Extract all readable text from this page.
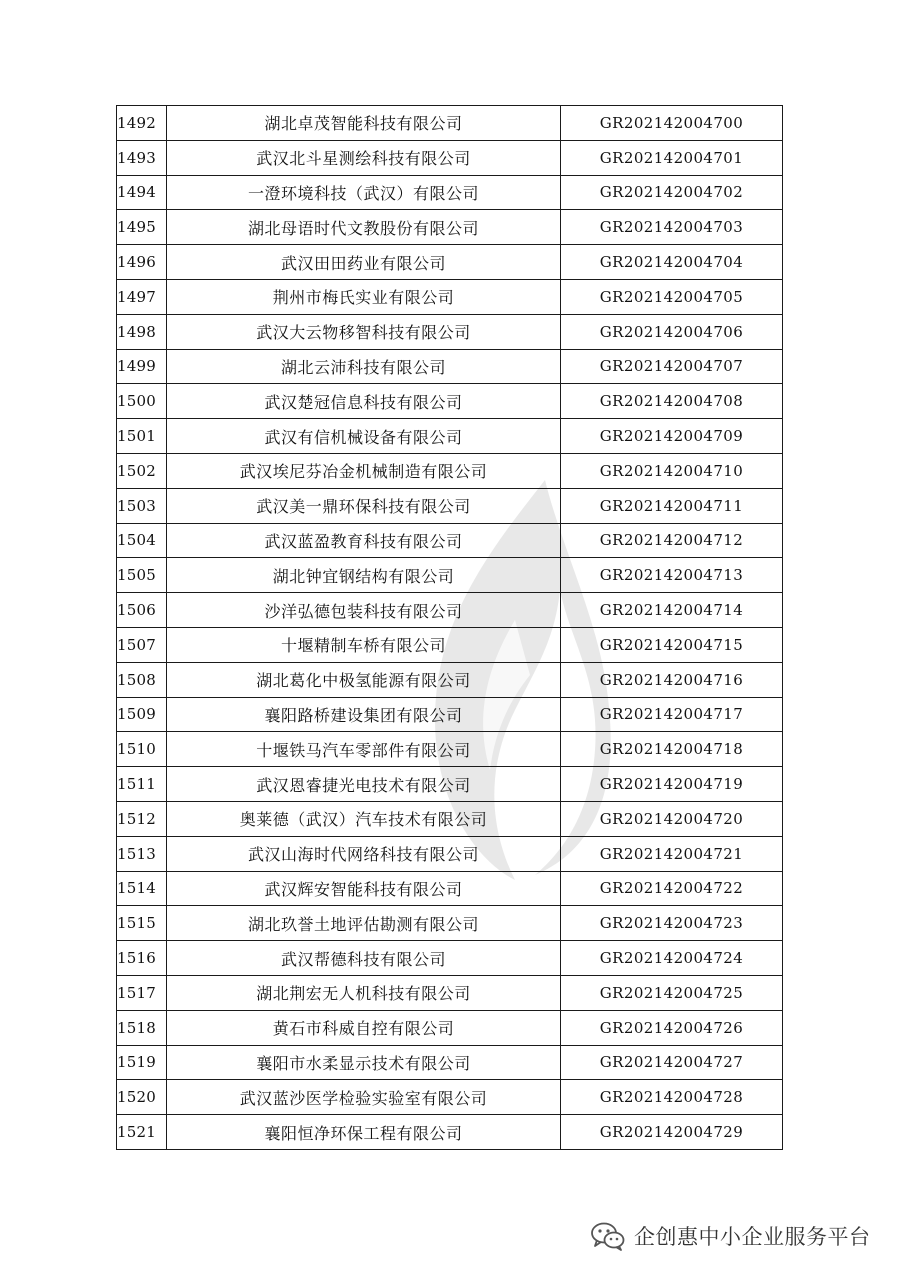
1492	湖北卓茂智能科技有限公司	GR202142004700
1493	武汉北斗星测绘科技有限公司	GR202142004701
1494	一澄环境科技（武汉）有限公司	GR202142004702
1495	湖北母语时代文教股份有限公司	GR202142004703
1496	武汉田田药业有限公司	GR202142004704
1497	荆州市梅氏实业有限公司	GR202142004705
1498	武汉大云物移智科技有限公司	GR202142004706
1499	湖北云沛科技有限公司	GR202142004707
1500	武汉楚冠信息科技有限公司	GR202142004708
1501	武汉有信机械设备有限公司	GR202142004709
1502	武汉埃尼芬冶金机械制造有限公司	GR202142004710
1503	武汉美一鼎环保科技有限公司	GR202142004711
1504	武汉蓝盈教育科技有限公司	GR202142004712
1505	湖北钟宜钢结构有限公司	GR202142004713
1506	沙洋弘德包装科技有限公司	GR202142004714
1507	十堰精制车桥有限公司	GR202142004715
1508	湖北葛化中极氢能源有限公司	GR202142004716
1509	襄阳路桥建设集团有限公司	GR202142004717
1510	十堰铁马汽车零部件有限公司	GR202142004718
1511	武汉恩睿捷光电技术有限公司	GR202142004719
1512	奥莱德（武汉）汽车技术有限公司	GR202142004720
1513	武汉山海时代网络科技有限公司	GR202142004721
1514	武汉辉安智能科技有限公司	GR202142004722
1515	湖北玖誉土地评估勘测有限公司	GR202142004723
1516	武汉帮德科技有限公司	GR202142004724
1517	湖北荆宏无人机科技有限公司	GR202142004725
1518	黄石市科威自控有限公司	GR202142004726
1519	襄阳市水柔显示技术有限公司	GR202142004727
1520	武汉蓝沙医学检验实验室有限公司	GR202142004728
1521	襄阳恒净环保工程有限公司	GR202142004729
企创惠中小企业服务平台
